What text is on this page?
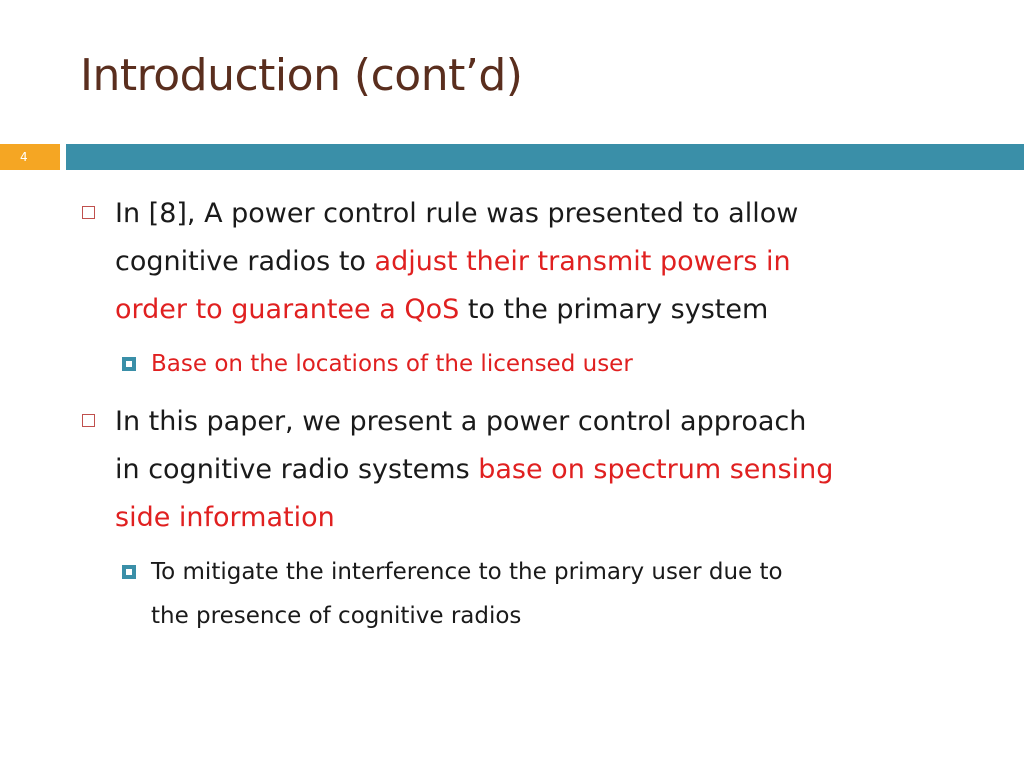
Introduction (cont’d)
4
In [8], A power control rule was presented to allow
cognitive radios to adjust their transmit powers in
order to guarantee a QoS to the primary system
Base on the locations of the licensed user
In this paper, we present a power control approach
in cognitive radio systems base on spectrum sensing
side information
To mitigate the interference to the primary user due to
the presence of cognitive radios
